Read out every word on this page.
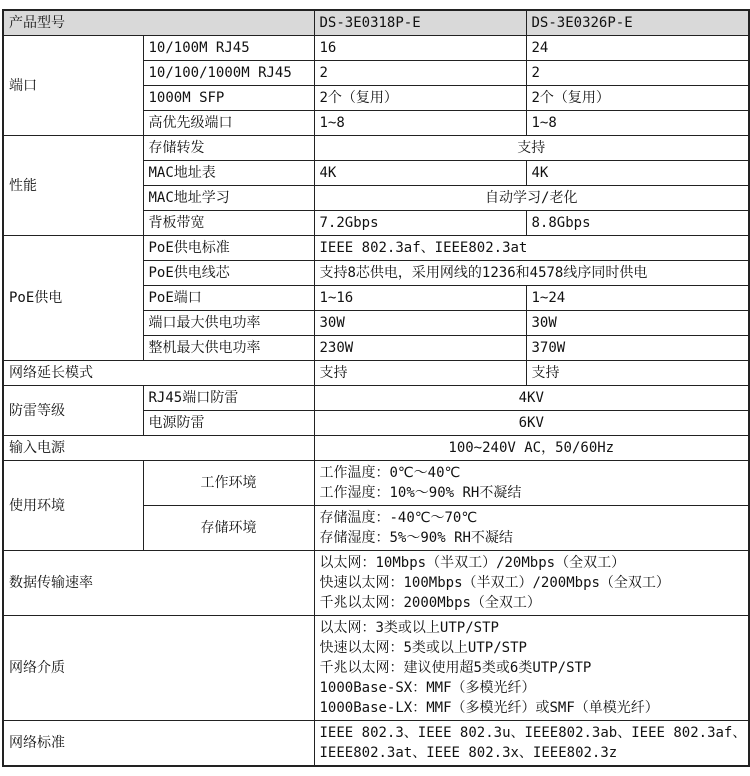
产品型号		DS-3E0318P-E	DS-3E0326P-E
端口	10/100M RJ45	16	24
	10/100/1000M RJ45	2	2
	1000M SFP	2个（复用）	2个（复用）
	高优先级端口	1~8	1~8
性能	存储转发	支持	
	MAC地址表	4K	4K
	MAC地址学习	自动学习/老化	
	背板带宽	7.2Gbps	8.8Gbps
PoE供电	PoE供电标准	IEEE 802.3af、IEEE802.3at	
	PoE供电线芯	支持8芯供电，采用网线的1236和4578线序同时供电	
	PoE端口	1~16	1~24
	端口最大供电功率	30W	30W
	整机最大供电功率	230W	370W
网络延长模式		支持	支持
防雷等级	RJ45端口防雷	4KV	
	电源防雷	6KV	
输入电源		100~240V AC，50/60Hz	
使用环境	工作环境	工作温度：0℃～40℃
工作湿度：10%～90% RH不凝结	

	存储环境	存储温度：-40℃～70℃
存储湿度：5%～90% RH不凝结	

数据传输速率		以太网：10Mbps（半双工）/20Mbps（全双工）
快速以太网：100Mbps（半双工）/200Mbps（全双工）
千兆以太网：2000Mbps（全双工）	

网络介质		以太网：3类或以上UTP/STP
快速以太网：5类或以上UTP/STP
千兆以太网：建议使用超5类或6类UTP/STP
1000Base-SX：MMF（多模光纤）
1000Base-LX：MMF（多模光纤）或SMF（单模光纤）	

网络标准		IEEE 802.3、IEEE 802.3u、IEEE802.3ab、IEEE 802.3af、
IEEE802.3at、IEEE 802.3x、IEEE802.3z	
